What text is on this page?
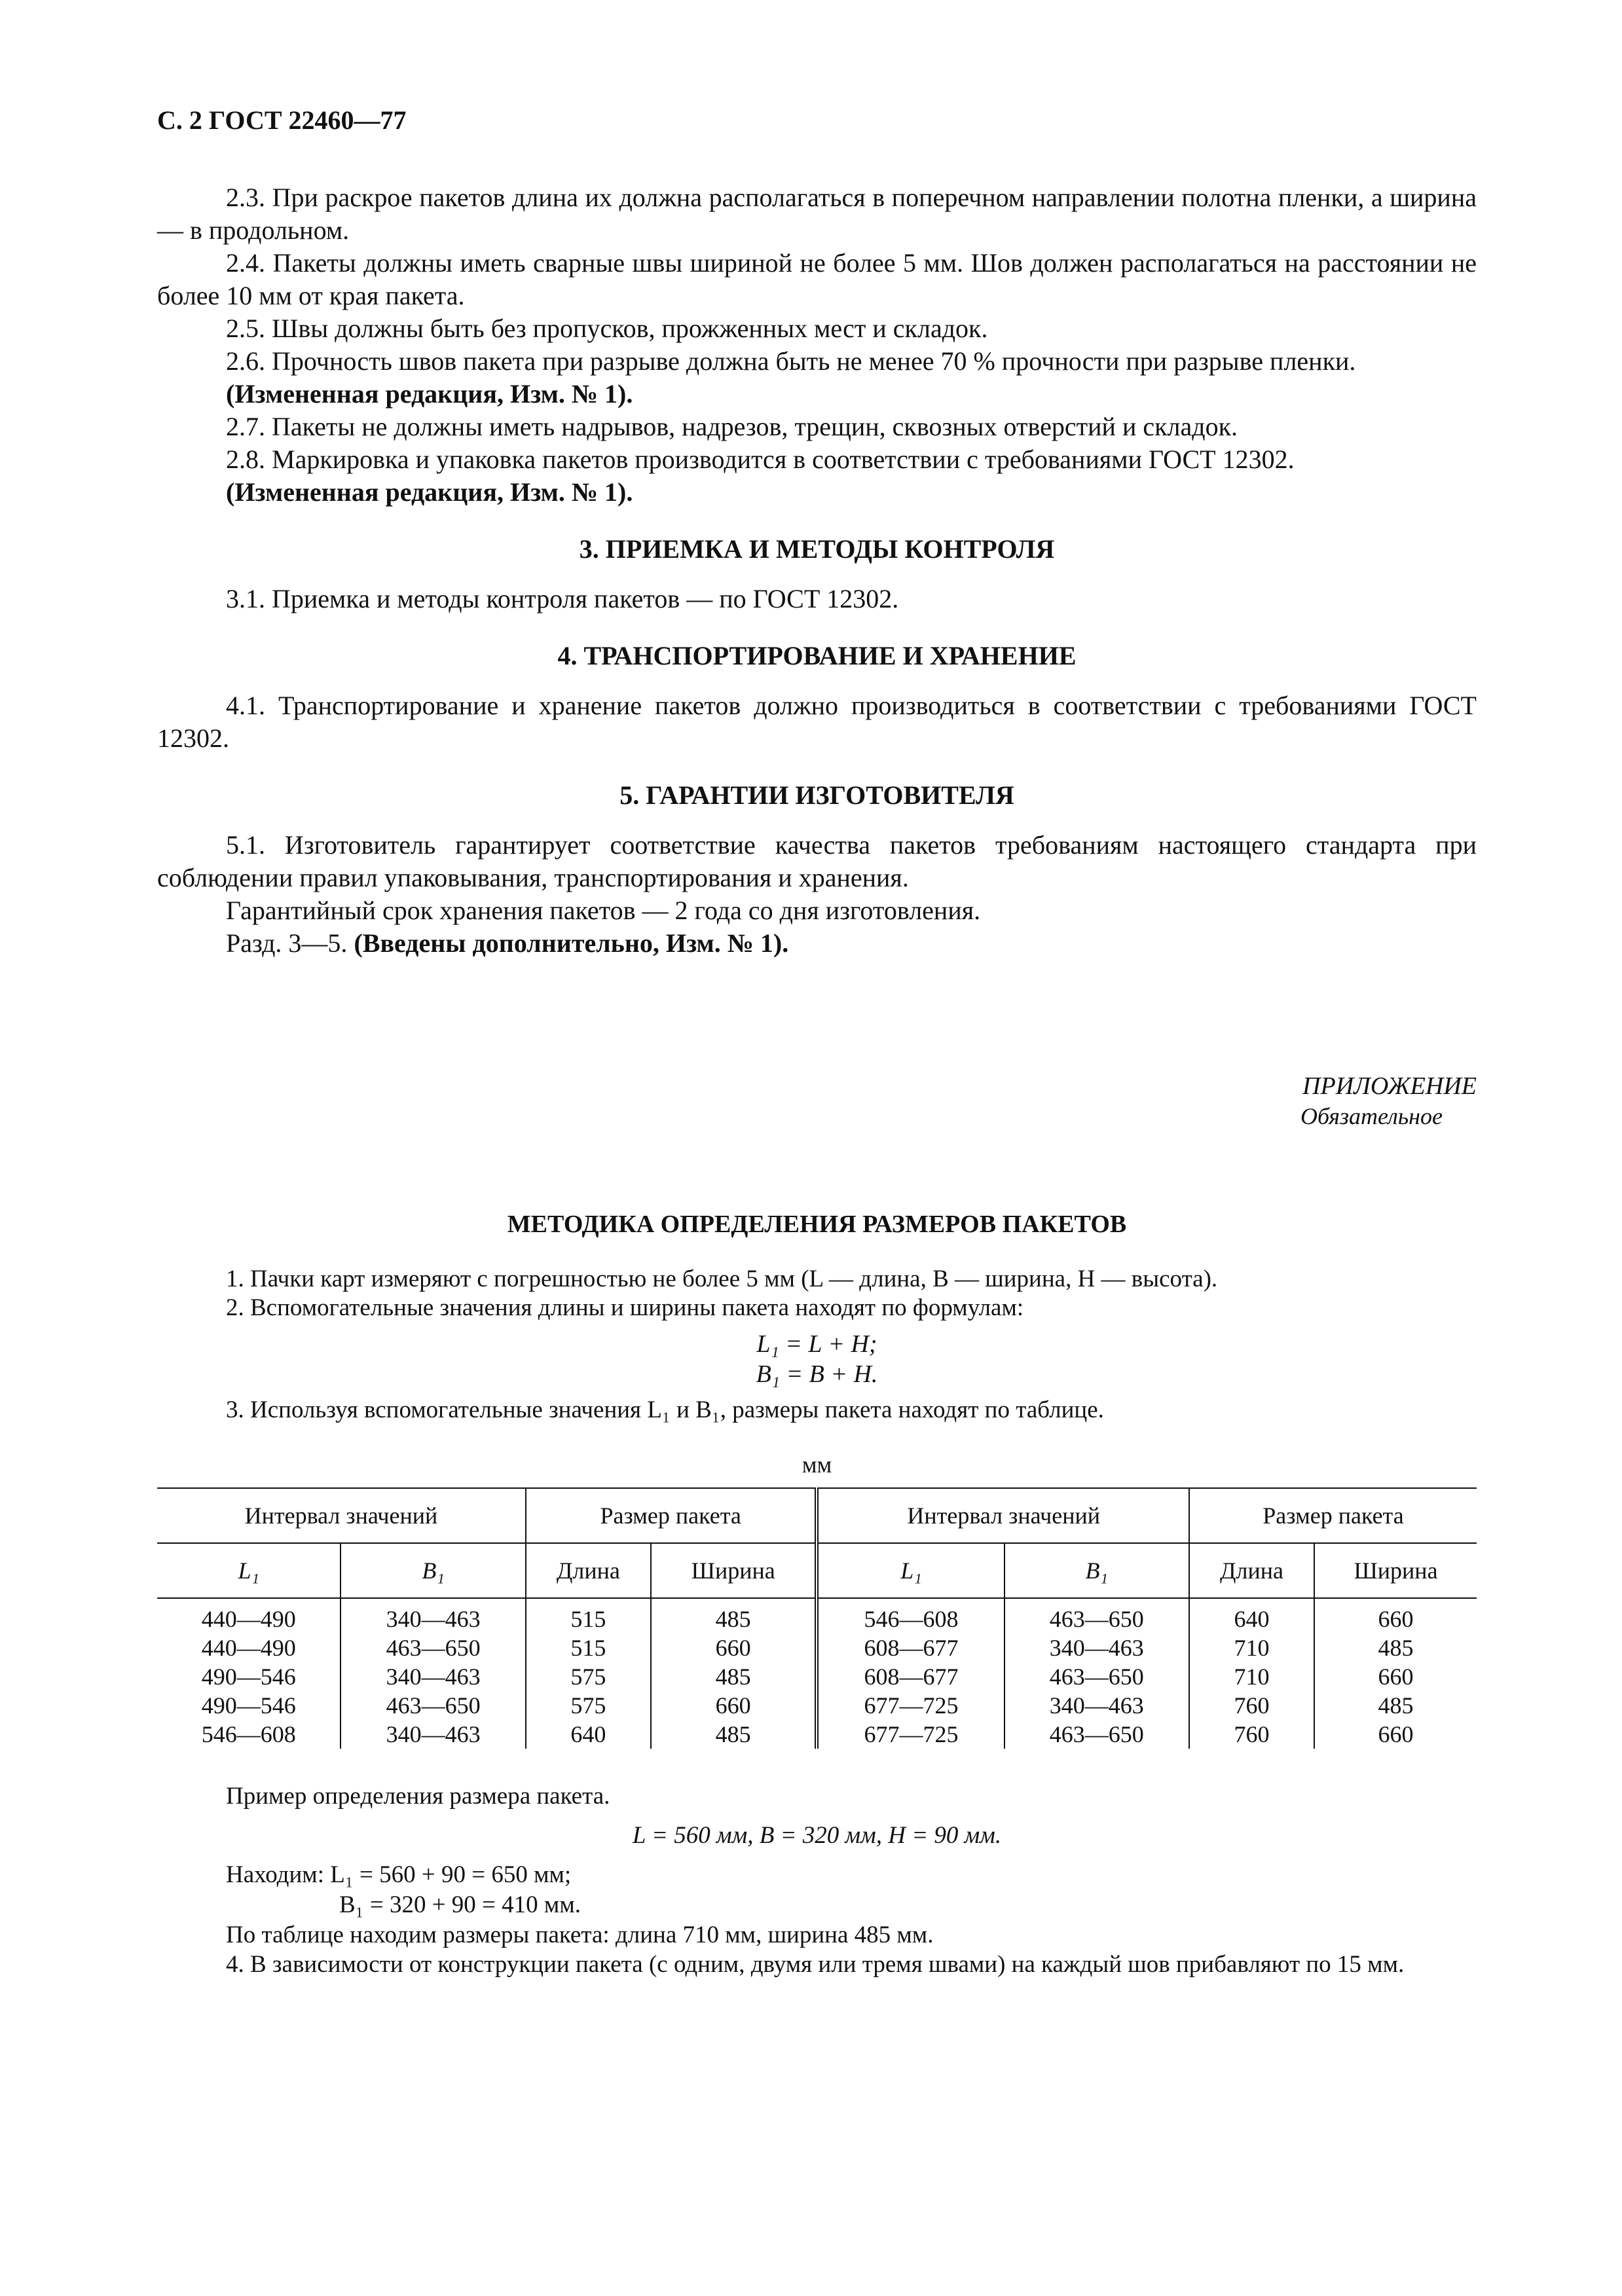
С. 2 ГОСТ 22460—77

2.3. При раскрое пакетов длина их должна располагаться в поперечном направлении полотна пленки, а ширина — в продольном.

2.4. Пакеты должны иметь сварные швы шириной не более 5 мм. Шов должен располагаться на расстоянии не более 10 мм от края пакета.

2.5. Швы должны быть без пропусков, прожженных мест и складок.

2.6. Прочность швов пакета при разрыве должна быть не менее 70 % прочности при разрыве пленки.

(Измененная редакция, Изм. № 1).

2.7. Пакеты не должны иметь надрывов, надрезов, трещин, сквозных отверстий и складок.

2.8. Маркировка и упаковка пакетов производится в соответствии с требованиями ГОСТ 12302.

(Измененная редакция, Изм. № 1).

3. ПРИЕМКА И МЕТОДЫ КОНТРОЛЯ

3.1. Приемка и методы контроля пакетов — по ГОСТ 12302.

4. ТРАНСПОРТИРОВАНИЕ И ХРАНЕНИЕ

4.1. Транспортирование и хранение пакетов должно производиться в соответствии с требованиями ГОСТ 12302.

5. ГАРАНТИИ ИЗГОТОВИТЕЛЯ

5.1. Изготовитель гарантирует соответствие качества пакетов требованиям настоящего стандарта при соблюдении правил упаковывания, транспортирования и хранения.

Гарантийный срок хранения пакетов — 2 года со дня изготовления.

Разд. 3—5. (Введены дополнительно, Изм. № 1).

ПРИЛОЖЕНИЕ
Обязательное
МЕТОДИКА ОПРЕДЕЛЕНИЯ РАЗМЕРОВ ПАКЕТОВ

1. Пачки карт измеряют с погрешностью не более 5 мм (L — длина, B — ширина, H — высота).

2. Вспомогательные значения длины и ширины пакета находят по формулам:

L₁ = L + H;
B₁ = B + H.

3. Используя вспомогательные значения L₁ и B₁, размеры пакета находят по таблице.

мм
Интервал значений		Размер пакета		Интервал значений		Размер пакета	
L₁	B₁	Длина	Ширина	L₁	B₁	Длина	Ширина
440—490	340—463	515	485	546—608	463—650	640	660
440—490	463—650	515	660	608—677	340—463	710	485
490—546	340—463	575	485	608—677	463—650	710	660
490—546	463—650	575	660	677—725	340—463	760	485
546—608	340—463	640	485	677—725	463—650	760	660

Пример определения размера пакета.

L = 560 мм, B = 320 мм, H = 90 мм.

Находим: L₁ = 560 + 90 = 650 мм;

B₁ = 320 + 90 = 410 мм.

По таблице находим размеры пакета: длина 710 мм, ширина 485 мм.

4. В зависимости от конструкции пакета (с одним, двумя или тремя швами) на каждый шов прибавляют по 15 мм.
